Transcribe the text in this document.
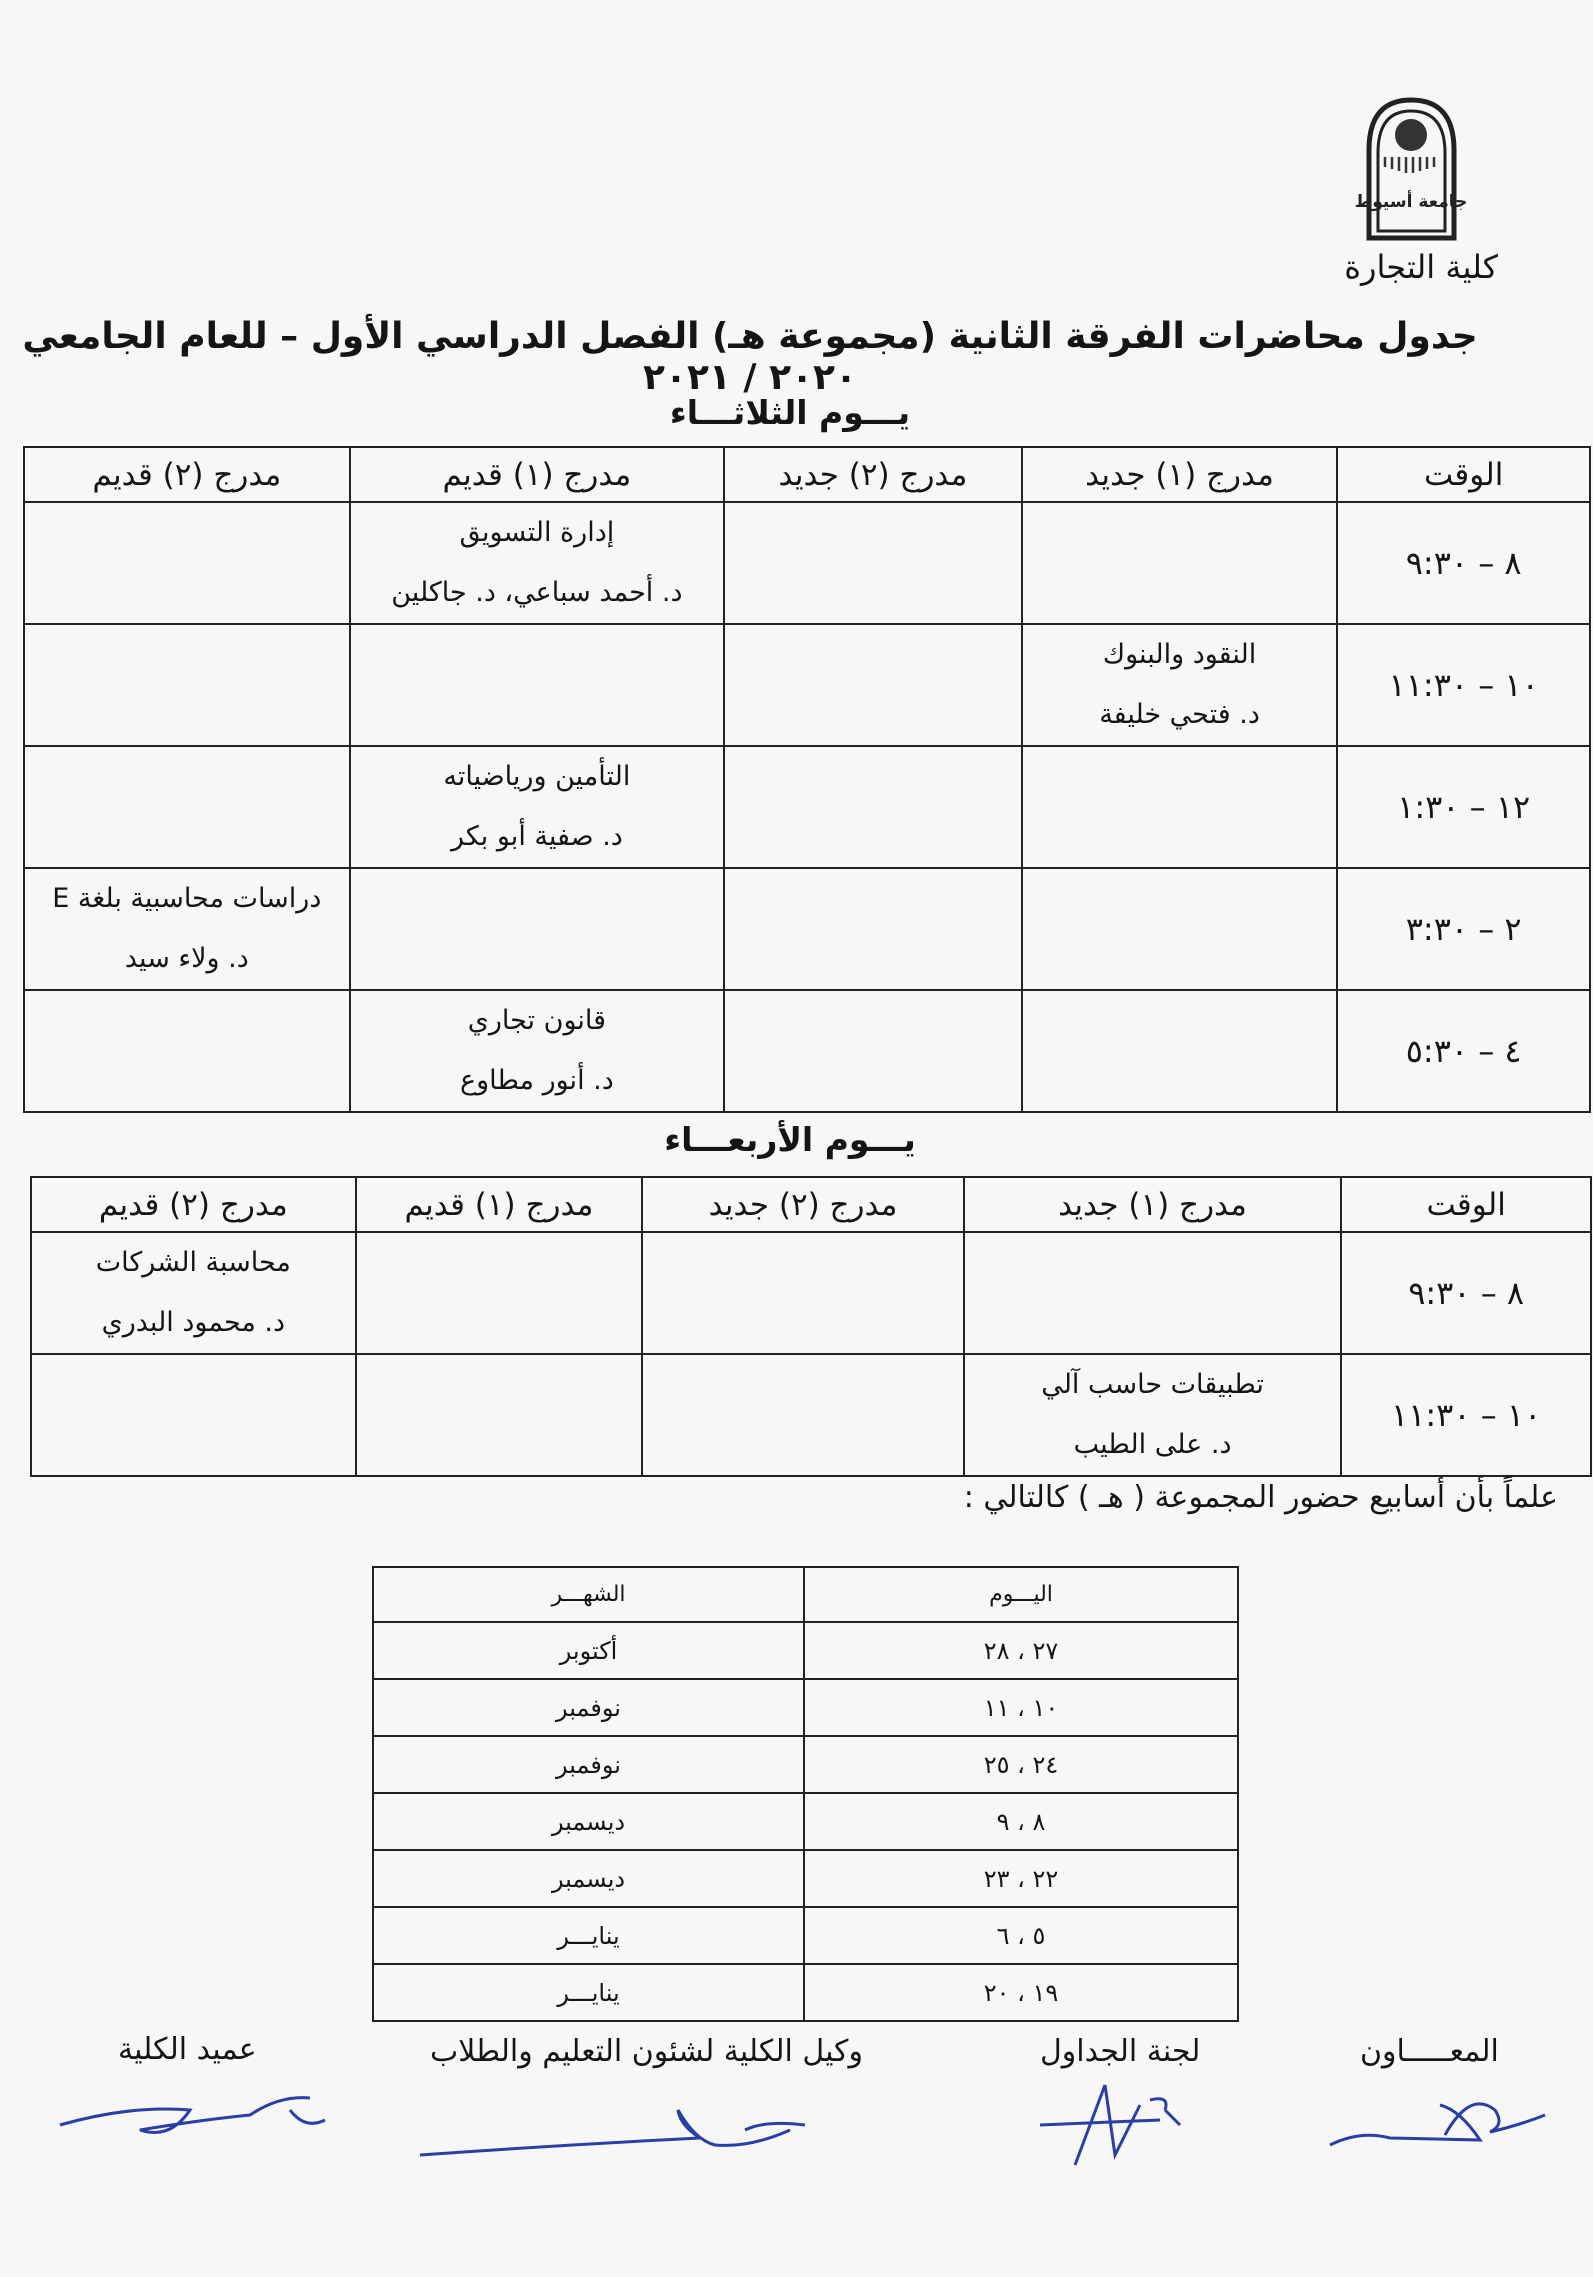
جامعة أسيوط
كلية التجارة
جدول محاضرات الفرقة الثانية (مجموعة هـ) الفصل الدراسي الأول – للعام الجامعي ٢٠٢٠ / ٢٠٢١
يـــوم الثلاثـــاء
الوقت	مدرج (١) جديد	مدرج (٢) جديد	مدرج (١) قديم	مدرج (٢) قديم
٨ – ٩:٣٠			إدارة التسويق
د. أحمد سباعي، د. جاكلين	

١٠ – ١١:٣٠	النقود والبنوك
د. فتحي خليفة			

١٢ – ١:٣٠			التأمين ورياضياته
د. صفية أبو بكر	

٢ – ٣:٣٠				دراسات محاسبية بلغة E
د. ولاء سيد

٤ – ٥:٣٠			قانون تجاري
د. أنور مطاوع	

يـــوم الأربعـــاء
الوقت	مدرج (١) جديد	مدرج (٢) جديد	مدرج (١) قديم	مدرج (٢) قديم
٨ – ٩:٣٠				محاسبة الشركات
د. محمود البدري

١٠ – ١١:٣٠	تطبيقات حاسب آلي
د. على الطيب			

علماً بأن أسابيع حضور المجموعة ( هـ ) كالتالي :
اليـــوم	الشهـــر
٢٧ ، ٢٨	أكتوبر
١٠ ، ١١	نوفمبر
٢٤ ، ٢٥	نوفمبر
٨ ، ٩	ديسمبر
٢٢ ، ٢٣	ديسمبر
٥ ، ٦	ينايـــر
١٩ ، ٢٠	ينايـــر
المعـــــاون
لجنة الجداول
وكيل الكلية لشئون التعليم والطلاب
عميد الكلية
